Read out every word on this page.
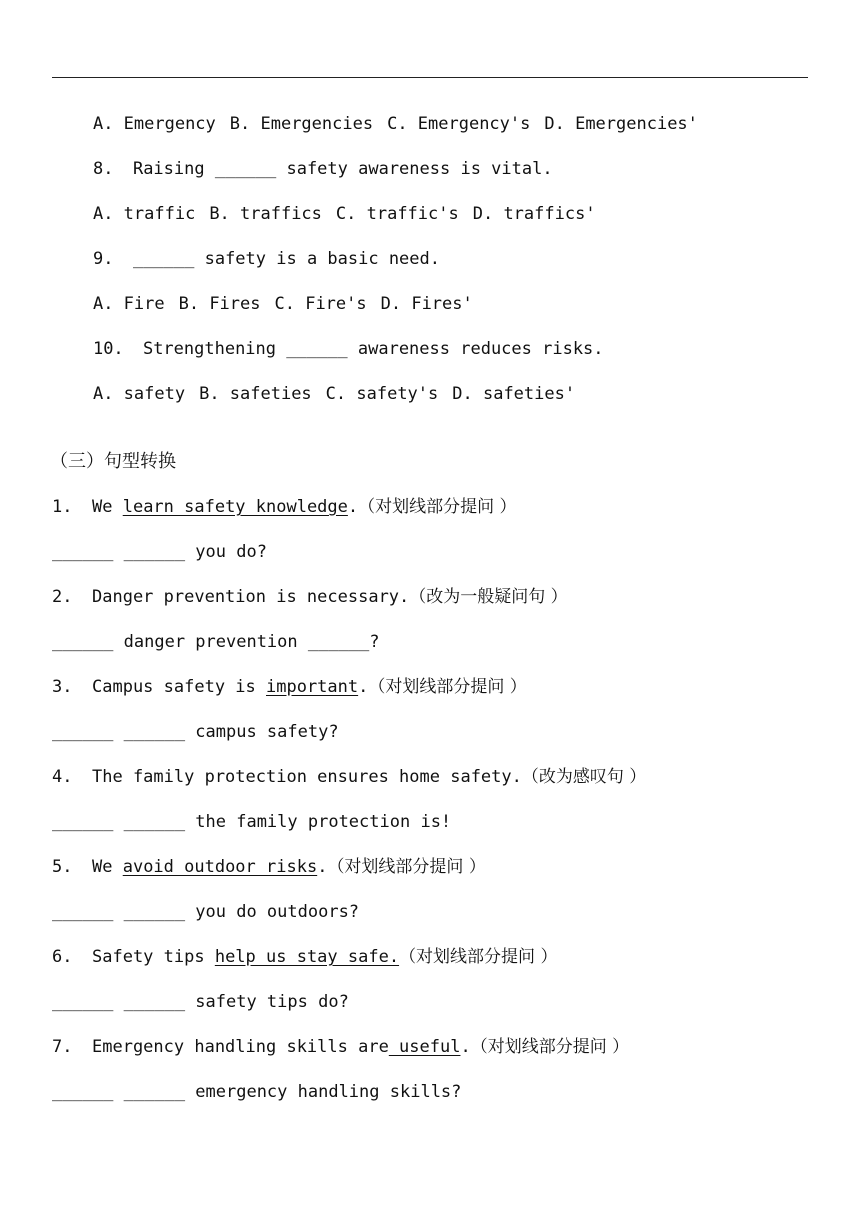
A. Emergency B. Emergencies C. Emergency's D. Emergencies'

8. Raising ______ safety awareness is vital.

A. traffic B. traffics C. traffic's D. traffics'

9. ______ safety is a basic need.

A. Fire B. Fires C. Fire's D. Fires'

10. Strengthening ______ awareness reduces risks.

A. safety B. safeties C. safety's D. safeties'

（三）句型转换
1. We learn safety knowledge.（对划线部分提问 ）
______ ______ you do?
2. Danger prevention is necessary.（改为一般疑问句 ）
______ danger prevention ______?
3. Campus safety is important.（对划线部分提问 ）
______ ______ campus safety?
4. The family protection ensures home safety.（改为感叹句 ）
______ ______ the family protection is!
5. We avoid outdoor risks.（对划线部分提问 ）
______ ______ you do outdoors?
6. Safety tips help us stay safe.（对划线部分提问 ）
______ ______ safety tips do?
7. Emergency handling skills are useful.（对划线部分提问 ）
______ ______ emergency handling skills?
